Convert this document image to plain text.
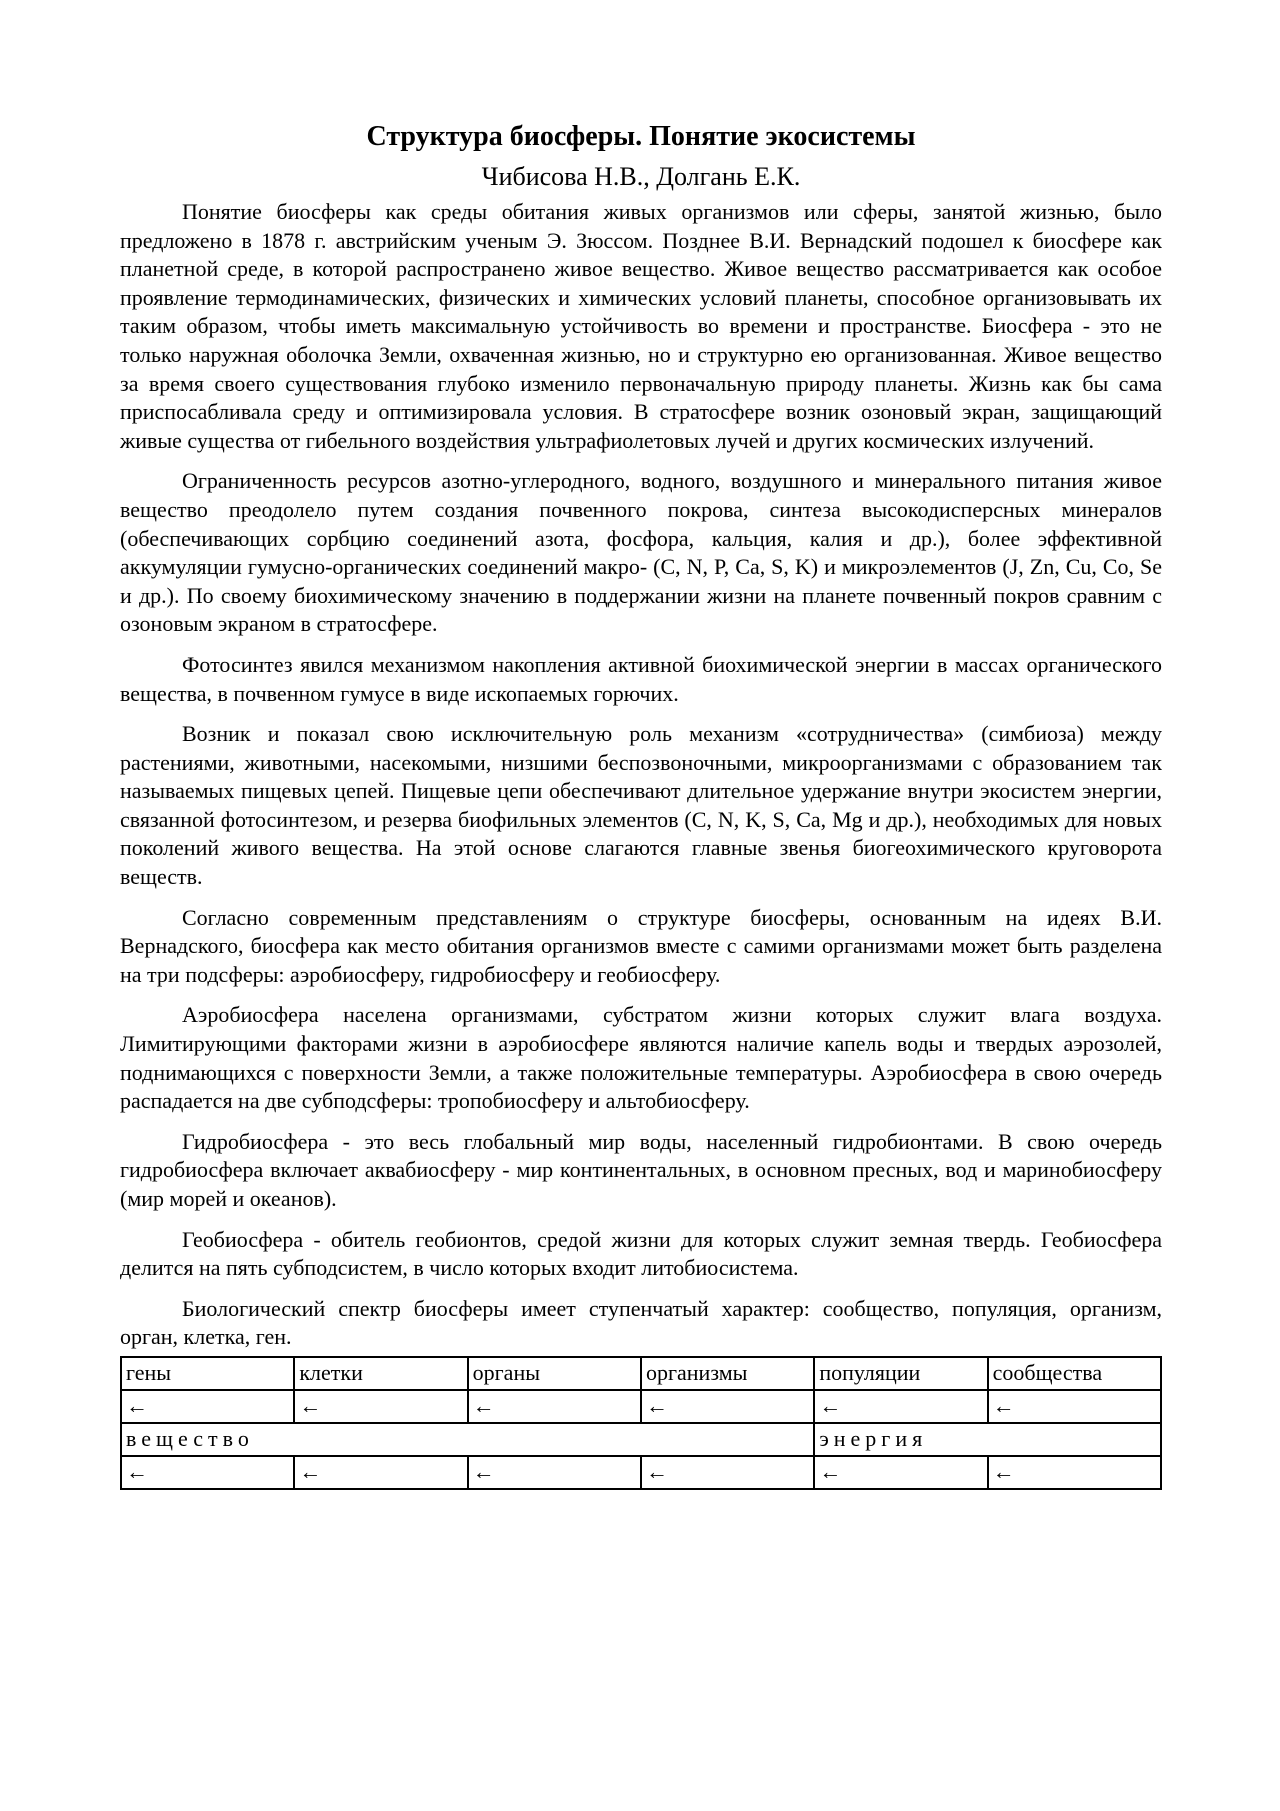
Структура биосферы. Понятие экосистемы
Чибисова Н.В., Долгань Е.К.

Понятие биосферы как среды обитания живых организмов или сферы, занятой жизнью, было предложено в 1878 г. австрийским ученым Э. Зюссом. Позднее В.И. Вернадский подошел к биосфере как планетной среде, в которой распространено живое вещество. Живое вещество рассматривается как особое проявление термодинамических, физических и химических условий планеты, способное организовывать их таким образом, чтобы иметь максимальную устойчивость во времени и пространстве. Биосфера - это не только наружная оболочка Земли, охваченная жизнью, но и структурно ею организованная. Живое вещество за время своего существования глубоко изменило первоначальную природу планеты. Жизнь как бы сама приспосабливала среду и оптимизировала условия. В стратосфере возник озоновый экран, защищающий живые существа от гибельного воздействия ультрафиолетовых лучей и других космических излучений.

Ограниченность ресурсов азотно-углеродного, водного, воздушного и минерального питания живое вещество преодолело путем создания почвенного покрова, синтеза высокодисперсных минералов (обеспечивающих сорбцию соединений азота, фосфора, кальция, калия и др.), более эффективной аккумуляции гумусно-органических соединений макро- (C, N, P, Ca, S, K) и микроэлементов (J, Zn, Cu, Co, Se и др.). По своему биохимическому значению в поддержании жизни на планете почвенный покров сравним с озоновым экраном в стратосфере.

Фотосинтез явился механизмом накопления активной биохимической энергии в массах органического вещества, в почвенном гумусе в виде ископаемых горючих.

Возник и показал свою исключительную роль механизм «сотрудничества» (симбиоза) между растениями, животными, насекомыми, низшими беспозвоночными, микроорганизмами с образованием так называемых пищевых цепей. Пищевые цепи обеспечивают длительное удержание внутри экосистем энергии, связанной фотосинтезом, и резерва биофильных элементов (C, N, K, S, Ca, Mg и др.), необходимых для новых поколений живого вещества. На этой основе слагаются главные звенья биогеохимического круговорота веществ.

Согласно современным представлениям о структуре биосферы, основанным на идеях В.И. Вернадского, биосфера как место обитания организмов вместе с самими организмами может быть разделена на три подсферы: аэробиосферу, гидробиосферу и геобиосферу.

Аэробиосфера населена организмами, субстратом жизни которых служит влага воздуха. Лимитирующими факторами жизни в аэробиосфере являются наличие капель воды и твердых аэрозолей, поднимающихся с поверхности Земли, а также положительные температуры. Аэробиосфера в свою очередь распадается на две субподсферы: тропобиосферу и альтобиосферу.

Гидробиосфера - это весь глобальный мир воды, населенный гидробионтами. В свою очередь гидробиосфера включает аквабиосферу - мир континентальных, в основном пресных, вод и маринобиосферу (мир морей и океанов).

Геобиосфера - обитель геобионтов, средой жизни для которых служит земная твердь. Геобиосфера делится на пять субподсистем, в число которых входит литобиосистема.

Биологический спектр биосферы имеет ступенчатый характер: сообщество, популяция, организм, орган, клетка, ген.

гены	клетки	органы	организмы	популяции	сообщества
←	←	←	←	←	←
вещество				энергия	
←	←	←	←	←	←
